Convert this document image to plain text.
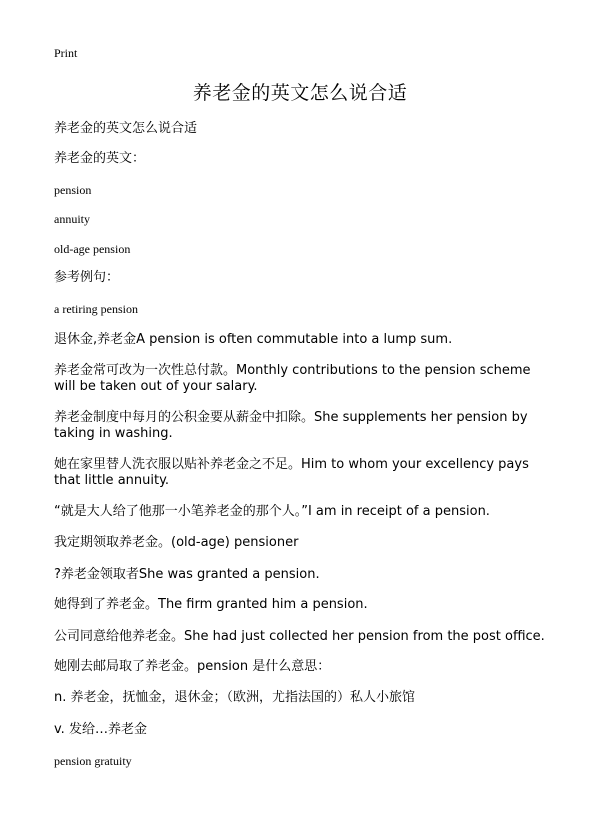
Print
养老金的英文怎么说合适
养老金的英文怎么说合适
养老金的英文：
pension
annuity
old-age pension
参考例句：
a retiring pension
退休金,养老金A pension is often commutable into a lump sum.
养老金常可改为一次性总付款。Monthly contributions to the pension scheme will be taken out of your salary.
养老金制度中每月的公积金要从薪金中扣除。She supplements her pension by taking in washing.
她在家里替人洗衣服以贴补养老金之不足。Him to whom your excellency pays that little annuity.
“就是大人给了他那一小笔养老金的那个人。”I am in receipt of a pension.
我定期领取养老金。(old-age) pensioner
?养老金领取者She was granted a pension.
她得到了养老金。The firm granted him a pension.
公司同意给他养老金。She had just collected her pension from the post office.
她刚去邮局取了养老金。pension 是什么意思：
n. 养老金，抚恤金，退休金；（欧洲，尤指法国的）私人小旅馆
v. 发给…养老金
pension gratuity
